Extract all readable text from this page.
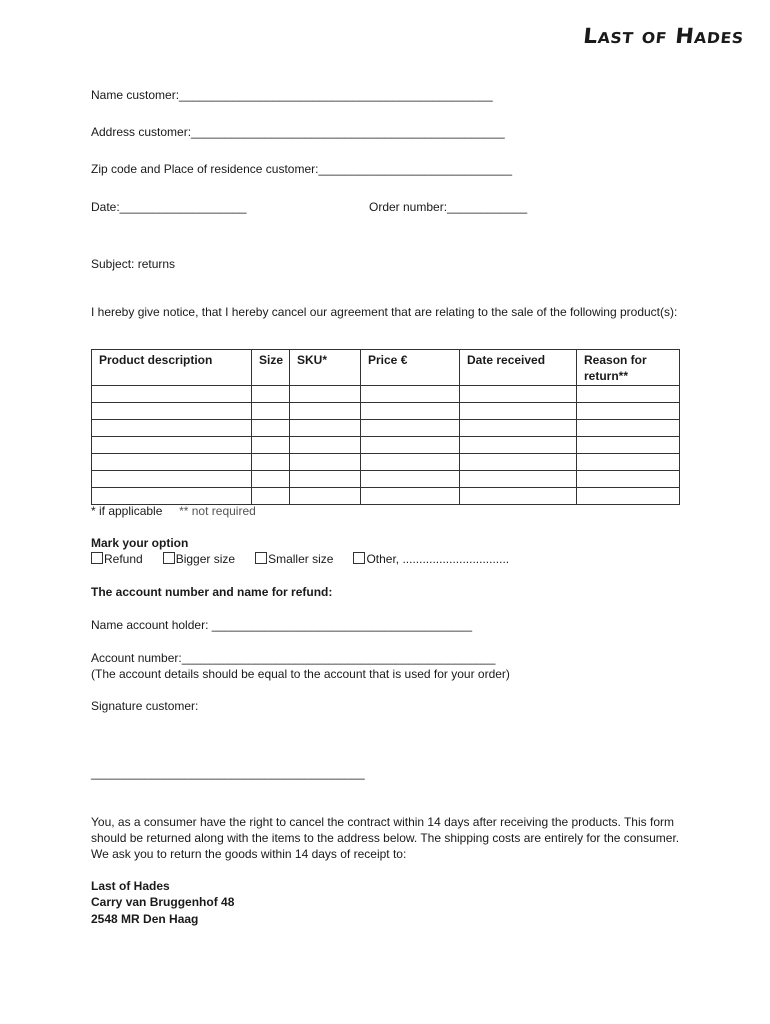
Last of Hades
Name customer:_______________________________________________
Address customer:_______________________________________________
Zip code and Place of residence customer:_____________________________
Date:___________________	Order number:____________
Subject: returns

I hereby give notice, that I hereby cancel our agreement that are relating to the sale of the following product(s):

Product description	Size	SKU*	Price €	Date received	Reason for return**

* if applicable ** not required
Mark your option
Refund	Bigger size	Smaller size	Other, ................................
The account number and name for refund:
Name account holder: _______________________________________
Account number:_______________________________________________
(The account details should be equal to the account that is used for your order)
Signature customer:
_________________________________________

You, as a consumer have the right to cancel the contract within 14 days after receiving the products. This form should be returned along with the items to the address below. The shipping costs are entirely for the consumer. We ask you to return the goods within 14 days of receipt to:

Last of Hades
Carry van Bruggenhof 48
2548 MR Den Haag
